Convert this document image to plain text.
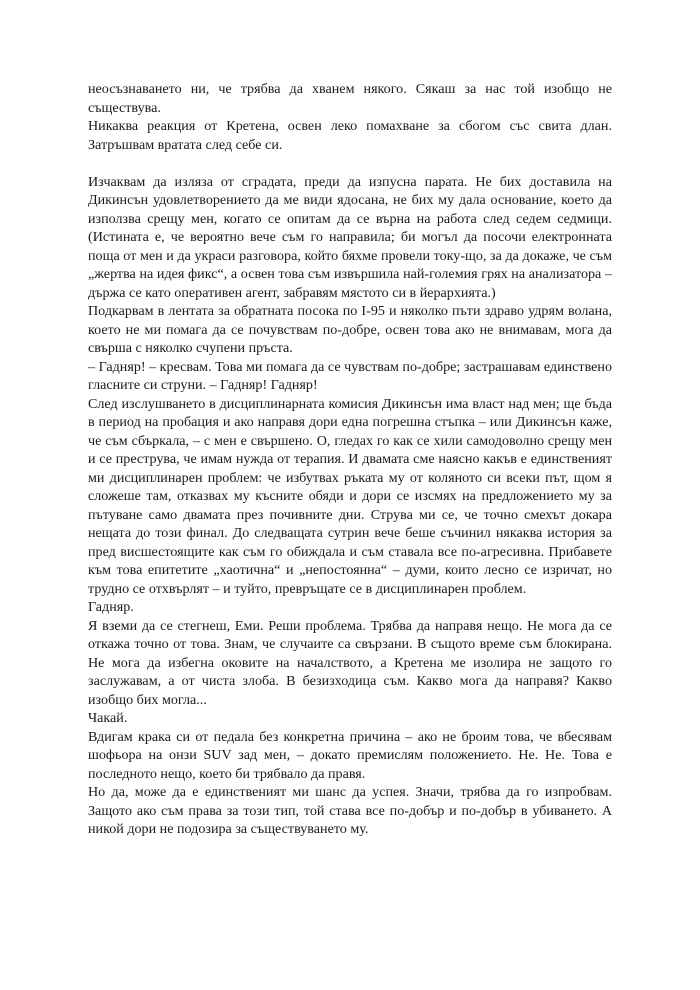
неосъзнаването ни, че трябва да хванем някого. Сякаш за нас той изобщо не съществува.

Никаква реакция от Кретена, освен леко помахване за сбогом със свита длан. Затръшвам вратата след себе си.

Изчаквам да изляза от сградата, преди да изпусна парата. Не бих доставила на Дикинсън удовлетворението да ме види ядосана, не бих му дала основание, което да използва срещу мен, когато се опитам да се върна на работа след седем седмици. (Истината е, че вероятно вече съм го направила; би могъл да посочи електронната поща от мен и да украси разговора, който бяхме провели току-що, за да докаже, че съм „жертва на идея фикс“, а освен това съм извършила най-големия грях на анализатора – държа се като оперативен агент, забравям мястото си в йерархията.)

Подкарвам в лентата за обратната посока по I-95 и няколко пъти здраво удрям волана, което не ми помага да се почувствам по-добре, освен това ако не внимавам, мога да свърша с няколко счупени пръста.

– Гадняр! – кресвам. Това ми помага да се чувствам по-добре; застрашавам единствено гласните си струни. – Гадняр! Гадняр!

След изслушването в дисциплинарната комисия Дикинсън има власт над мен; ще бъда в период на пробация и ако направя дори една погрешна стъпка – или Дикинсън каже, че съм сбъркала, – с мен е свършено. О, гледах го как се хили самодоволно срещу мен и се преструва, че имам нужда от терапия. И двамата сме наясно какъв е единственият ми дисциплинарен проблем: че избутвах ръката му от коляното си всеки път, щом я сложеше там, отказвах му късните обяди и дори се изсмях на предложението му за пътуване само двамата през почивните дни. Струва ми се, че точно смехът докара нещата до този финал. До следващата сутрин вече беше съчинил някаква история за пред висшестоящите как съм го обиждала и съм ставала все по-агресивна. Прибавете към това епитетите „хаотична“ и „непостоянна“ – думи, които лесно се изричат, но трудно се отхвърлят – и туйто, превръщате се в дисциплинарен проблем.

Гадняр.

Я вземи да се стегнеш, Еми. Реши проблема. Трябва да направя нещо. Не мога да се откажа точно от това. Знам, че случаите са свързани. В същото време съм блокирана. Не мога да избегна оковите на началството, а Кретена ме изолира не защото го заслужавам, а от чиста злоба. В безизходица съм. Какво мога да направя? Какво изобщо бих могла...

Чакай.

Вдигам крака си от педала без конкретна причина – ако не броим това, че вбесявам шофьора на онзи SUV зад мен, – докато премислям положението. Не. Не. Това е последното нещо, което би трябвало да правя.

Но да, може да е единственият ми шанс да успея. Значи, трябва да го изпробвам. Защото ако съм права за този тип, той става все по-добър и по-добър в убиването. А никой дори не подозира за съществуването му.
